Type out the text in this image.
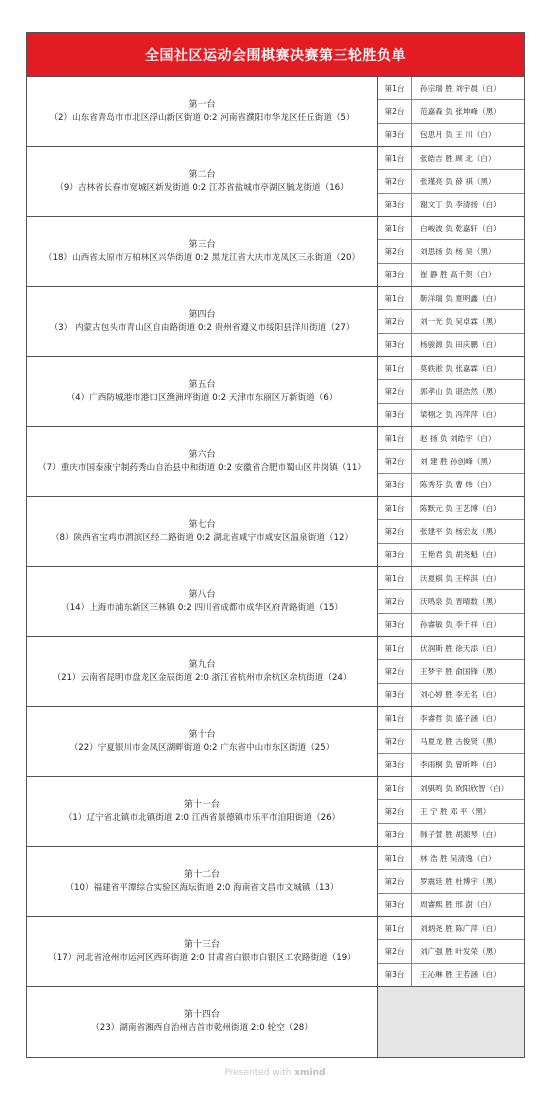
全国社区运动会围棋赛决赛第三轮胜负单
第一台
（2）山东省青岛市市北区浮山新区街道 0:2 河南省濮阳市华龙区任丘街道（5）
第1台	孙宗瑞 胜 刘宇晨（白）
第2台	范嘉森 负 张坤峰（黑）
第3台	包思月 负 王 川（白）
第二台
（9）吉林省长春市宽城区新发街道 0:2 江苏省盐城市亭湖区毓龙街道（16）
第1台	张皓吉 胜 顾 北（白）
第2台	张瑾亮 负 薛 祺（黑）
第3台	谢文丁 负 李清扬（白）
第三台
（18）山西省太原市万柏林区兴华街道 0:2 黑龙江省大庆市龙凤区三永街道（20）
第1台	白峻波 负 乾嘉轩（白）
第2台	刘思扬 负 杨 昊（黑）
第3台	崔 静 胜 高千贺（白）
第四台
（3） 内蒙古包头市青山区自由路街道 0:2 贵州省遵义市绥阳县洋川街道（27）
第1台	靳洋瑞 负 夏明鑫（白）
第2台	刘一光 负 吴卓霖（黑）
第3台	杨骏源 负 田庆鹏（白）
第五台
（4）广西防城港市港口区渔洲坪街道 0:2 天津市东丽区万新街道（6）
第1台	莫轶淞 负 张嘉霖（白）
第2台	郭孝山 负 谌浩然（黑）
第3台	梁栩之 负 冯萍萍（白）
第六台
（7）重庆市国泰康宁制药秀山自治县中和街道 0:2 安徽省合肥市蜀山区井岗镇（11）
第1台	赵 扬 负 刘皓宇（白）
第2台	刘 建 胜 孙创峰（黑）
第3台	陈秀芬 负 曹 炜（白）
第七台
（8）陕西省宝鸡市渭滨区经二路街道 0:2 湖北省咸宁市咸安区温泉街道（12）
第1台	陈默元 负 王艺博（白）
第2台	张建平 负 杨宏友（黑）
第3台	王艳君 负 胡尧魁（白）
第八台
（14）上海市浦东新区三林镇 0:2 四川省成都市成华区府青路街道（15）
第1台	沃夏棋 负 王梓淇（白）
第2台	沃鸣泉 负 晋晴数（黑）
第3台	孙睿敏 负 李千祥（白）
第九台
（21）云南省昆明市盘龙区金辰街道 2:0 浙江省杭州市余杭区余杭街道（24）
第1台	伏润斯 胜 徐天添（白）
第2台	王梦宇 胜 俞国锋（黑）
第3台	刘心婷 胜 李无名（白）
第十台
（22）宁夏银川市金凤区湖畔街道 0:2 广东省中山市东区街道（25）
第1台	李睿哲 负 盛子涵（白）
第2台	马夏龙 胜 古俊贤（黑）
第3台	李雨桐 负 曾昕哗（白）
第十一台
（1）辽宁省北镇市北镇街道 2:0 江西省景德镇市乐平市洎阳街道（26）
第1台	刘骐鸣 负 欧阳欣智（白）
第2台	王 宁 胜 邓 平（黑）
第3台	韩子萱 胜 胡源琴（白）
第十二台
（10）福建省平潭综合实验区海坛街道 2:0 海南省文昌市文城镇（13）
第1台	林 浩 胜 吴清逸（白）
第2台	罗震廷 胜 杜博宇（黑）
第3台	周睿熙 胜 邢 澍（白）
第十三台
（17）河北省沧州市运河区西环街道 2:0 甘肃省白银市白银区工农路街道（19）
第1台	刘炳尧 胜 陈广萍（白）
第2台	刘广强 胜 叶发荣（黑）
第3台	王沁琳 胜 王若涵（白）
第十四台
（23）湖南省湘西自治州吉首市乾州街道 2:0 轮空（28）
Presented with xmind
